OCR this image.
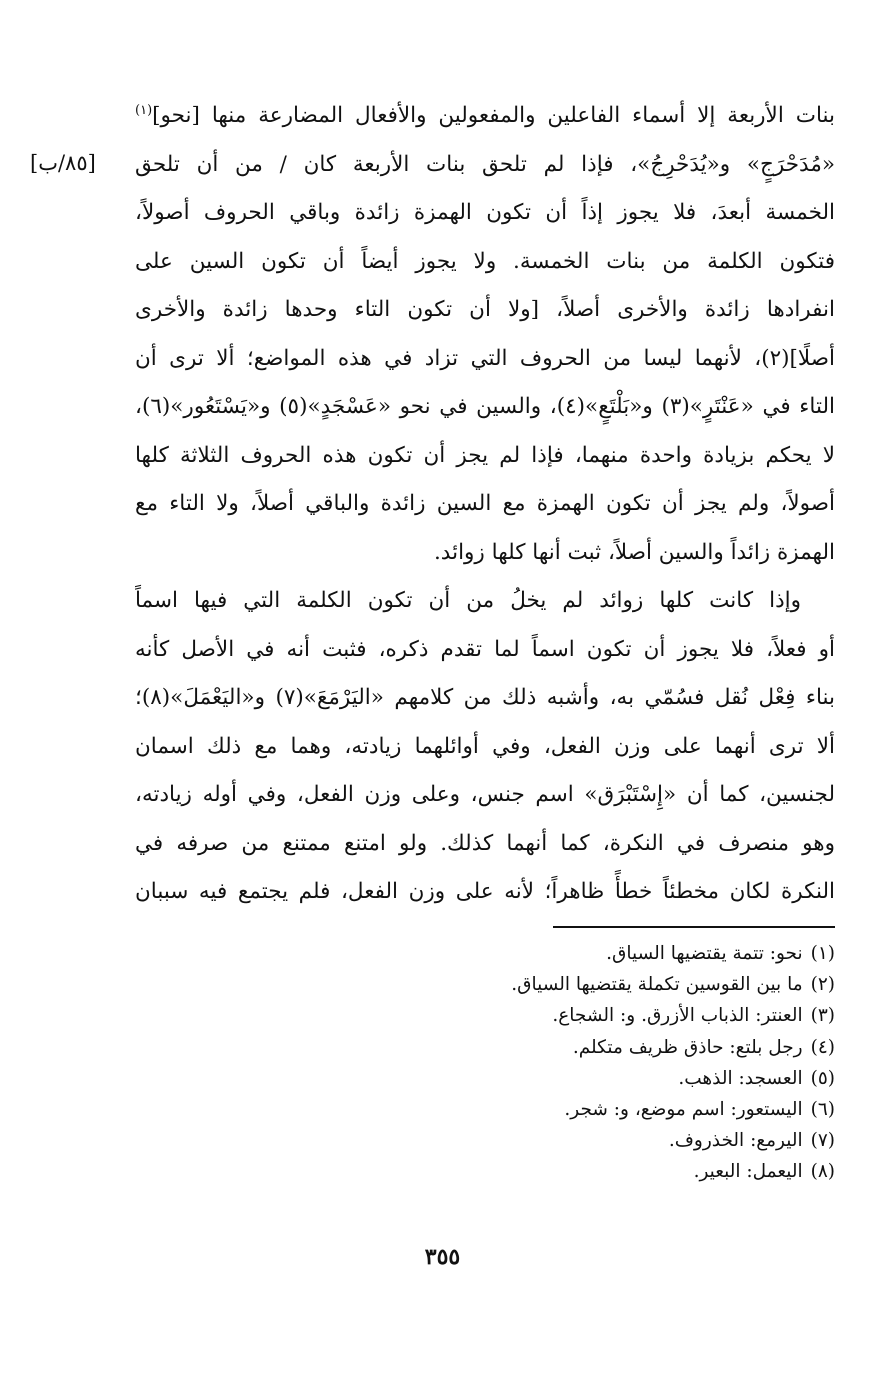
[٨٥/ب]
بنات الأربعة إلا أسماء الفاعلين والمفعولين والأفعال المضارعة منها [نحو]$^{(١)}$
«مُدَحْرَجٍ» و«يُدَحْرِجُ»، فإذا لم تلحق بنات الأربعة كان / من أن تلحق
الخمسة أبعدَ، فلا يجوز إذاً أن تكون الهمزة زائدة وباقي الحروف أصولاً،
فتكون الكلمة من بنات الخمسة. ولا يجوز أيضاً أن تكون السين على
انفرادها زائدة والأخرى أصلاً، [ولا أن تكون التاء وحدها زائدة والأخرى
أصلًا](٢)، لأنهما ليسا من الحروف التي تزاد في هذه المواضع؛ ألا ترى أن
التاء في «عَنْتَرٍ»(٣) و«بَلْتَعٍ»(٤)، والسين في نحو «عَسْجَدٍ»(٥) و«يَسْتَعُور»(٦)،
لا يحكم بزيادة واحدة منهما، فإذا لم يجز أن تكون هذه الحروف الثلاثة كلها
أصولاً، ولم يجز أن تكون الهمزة مع السين زائدة والباقي أصلاً، ولا التاء مع
الهمزة زائداً والسين أصلاً، ثبت أنها كلها زوائد.
وإذا كانت كلها زوائد لم يخلُ من أن تكون الكلمة التي فيها اسماً
أو فعلاً، فلا يجوز أن تكون اسماً لما تقدم ذكره، فثبت أنه في الأصل كأنه
بناء فِعْل نُقل فسُمّي به، وأشبه ذلك من كلامهم «اليَرْمَعَ»(٧) و«اليَعْمَلَ»(٨)؛
ألا ترى أنهما على وزن الفعل، وفي أوائلهما زيادته، وهما مع ذلك اسمان
لجنسين، كما أن «إِسْتَبْرَق» اسم جنس، وعلى وزن الفعل، وفي أوله زيادته،
وهو منصرف في النكرة، كما أنهما كذلك. ولو امتنع ممتنع من صرفه في
النكرة لكان مخطئاً خطأً ظاهراً؛ لأنه على وزن الفعل، فلم يجتمع فيه سببان
(١)نحو: تتمة يقتضيها السياق.
(٢)ما بين القوسين تكملة يقتضيها السياق.
(٣)العنتر: الذباب الأزرق. و: الشجاع.
(٤)رجل بلتع: حاذق ظريف متكلم.
(٥)العسجد: الذهب.
(٦)اليستعور: اسم موضع، و: شجر.
(٧)اليرمع: الخذروف.
(٨)اليعمل: البعير.
٣٥٥
